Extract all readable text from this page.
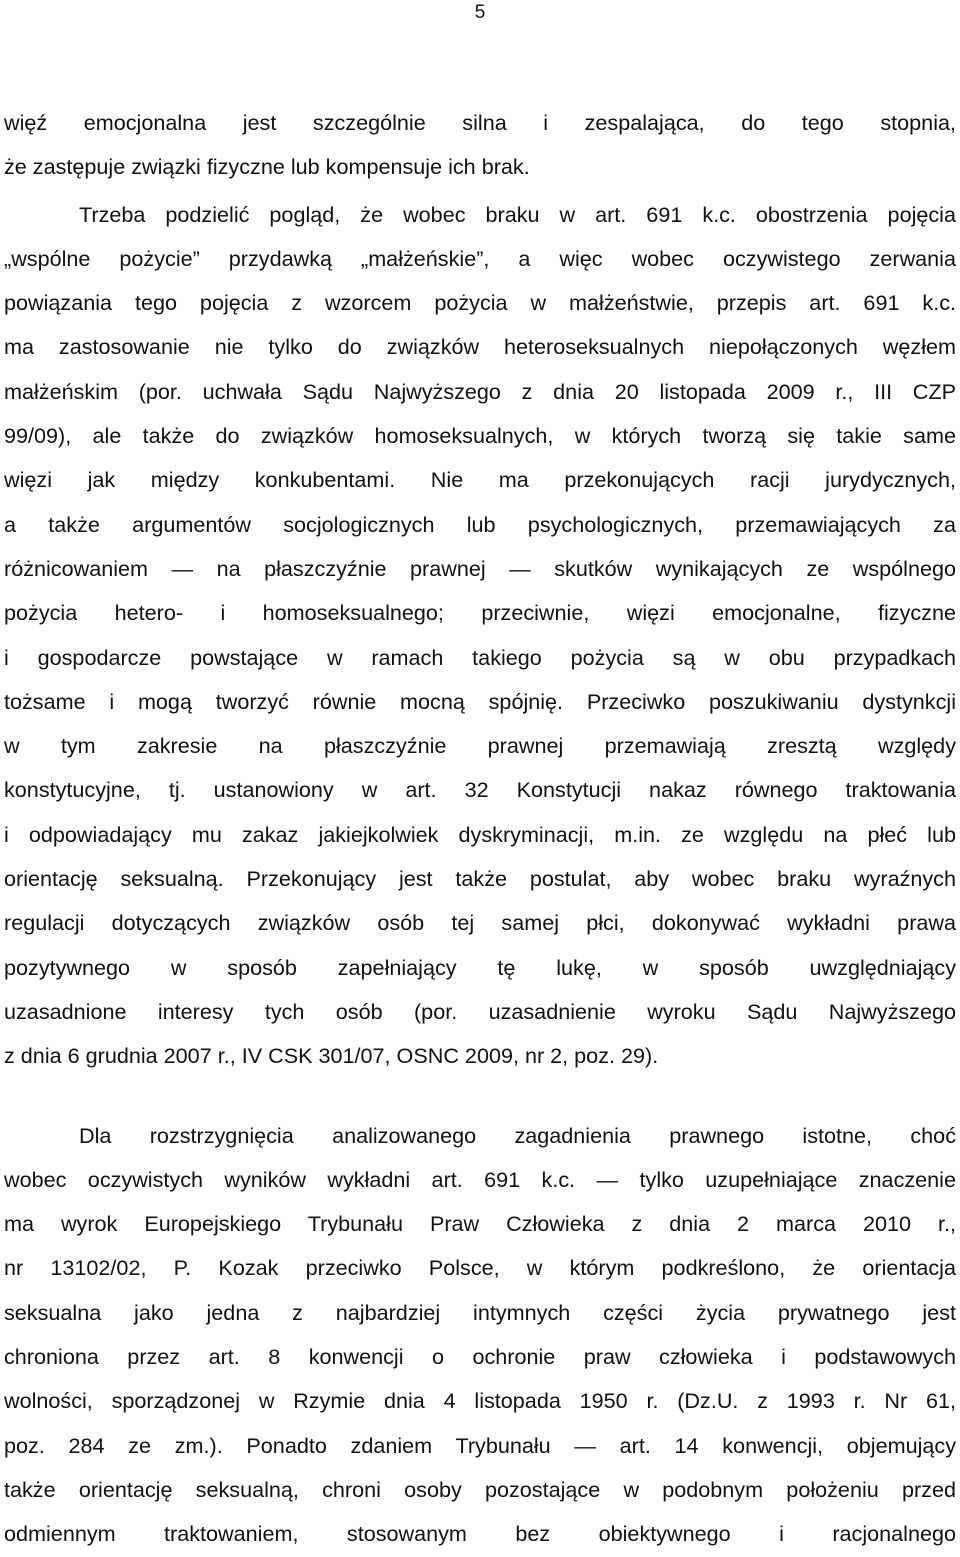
5
więź emocjonalna jest szczególnie silna i zespalająca, do tego stopnia,
że zastępuje związki fizyczne lub kompensuje ich brak.
Trzeba podzielić pogląd, że wobec braku w art. 691 k.c. obostrzenia pojęcia
„wspólne pożycie” przydawką „małżeńskie”, a więc wobec oczywistego zerwania
powiązania tego pojęcia z wzorcem pożycia w małżeństwie, przepis art. 691 k.c.
ma zastosowanie nie tylko do związków heteroseksualnych niepołączonych węzłem
małżeńskim (por. uchwała Sądu Najwyższego z dnia 20 listopada 2009 r., III CZP
99/09), ale także do związków homoseksualnych, w których tworzą się takie same
więzi jak między konkubentami. Nie ma przekonujących racji jurydycznych,
a także argumentów socjologicznych lub psychologicznych, przemawiających za
różnicowaniem — na płaszczyźnie prawnej — skutków wynikających ze wspólnego
pożycia hetero- i homoseksualnego; przeciwnie, więzi emocjonalne, fizyczne
i gospodarcze powstające w ramach takiego pożycia są w obu przypadkach
tożsame i mogą tworzyć równie mocną spójnię. Przeciwko poszukiwaniu dystynkcji
w tym zakresie na płaszczyźnie prawnej przemawiają zresztą względy
konstytucyjne, tj. ustanowiony w art. 32 Konstytucji nakaz równego traktowania
i odpowiadający mu zakaz jakiejkolwiek dyskryminacji, m.in. ze względu na płeć lub
orientację seksualną. Przekonujący jest także postulat, aby wobec braku wyraźnych
regulacji dotyczących związków osób tej samej płci, dokonywać wykładni prawa
pozytywnego w sposób zapełniający tę lukę, w sposób uwzględniający
uzasadnione interesy tych osób (por. uzasadnienie wyroku Sądu Najwyższego
z dnia 6 grudnia 2007 r., IV CSK 301/07, OSNC 2009, nr 2, poz. 29).
Dla rozstrzygnięcia analizowanego zagadnienia prawnego istotne, choć
wobec oczywistych wyników wykładni art. 691 k.c. — tylko uzupełniające znaczenie
ma wyrok Europejskiego Trybunału Praw Człowieka z dnia 2 marca 2010 r.,
nr 13102/02, P. Kozak przeciwko Polsce, w którym podkreślono, że orientacja
seksualna jako jedna z najbardziej intymnych części życia prywatnego jest
chroniona przez art. 8 konwencji o ochronie praw człowieka i podstawowych
wolności, sporządzonej w Rzymie dnia 4 listopada 1950 r. (Dz.U. z 1993 r. Nr 61,
poz. 284 ze zm.). Ponadto zdaniem Trybunału — art. 14 konwencji, objemujący
także orientację seksualną, chroni osoby pozostające w podobnym położeniu przed
odmiennym traktowaniem, stosowanym bez obiektywnego i racjonalnego
